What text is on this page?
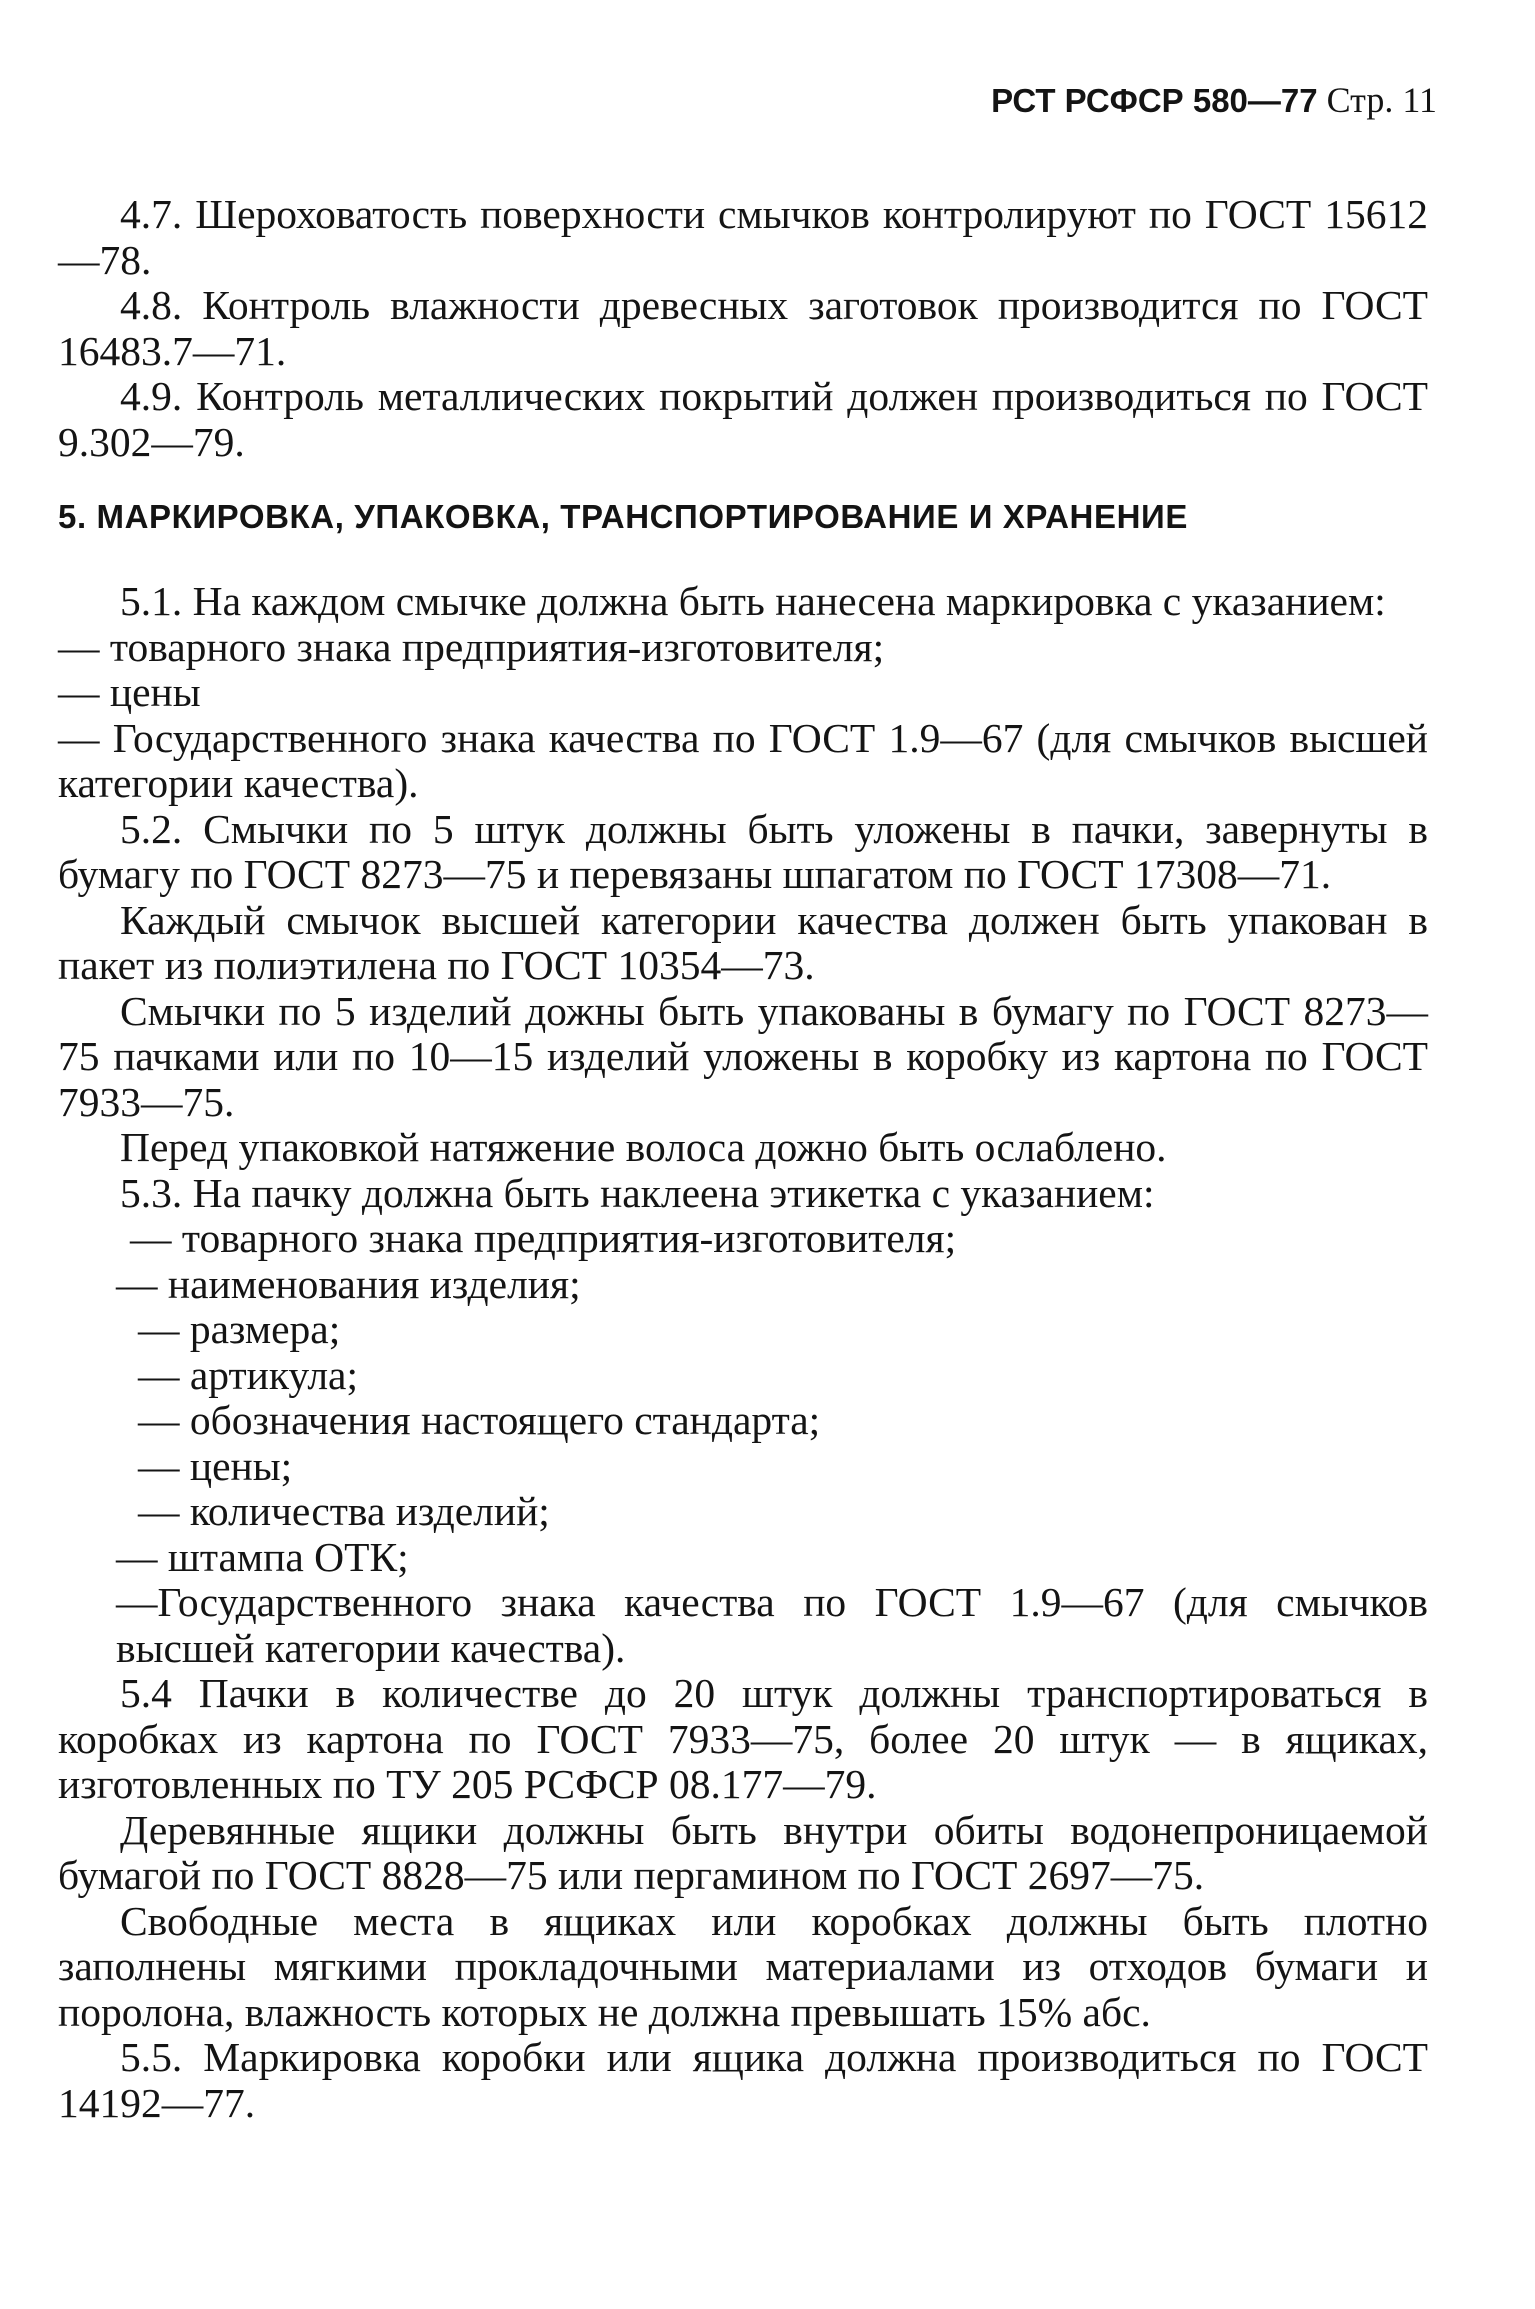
РСТ РСФСР 580—77 Стр. 11
4.7. Шероховатость поверхности смычков контролируют по ГОСТ 15612—78.
4.8. Контроль влажности древесных заготовок производится по ГОСТ 16483.7—71.
4.9. Контроль металлических покрытий должен производиться по ГОСТ 9.302—79.
5. МАРКИРОВКА, УПАКОВКА, ТРАНСПОРТИРОВАНИЕ И ХРАНЕНИЕ
5.1. На каждом смычке должна быть нанесена маркировка с указанием:
— товарного знака предприятия-изготовителя;
— цены
— Государственного знака качества по ГОСТ 1.9—67 (для смычков высшей категории качества).
5.2. Смычки по 5 штук должны быть уложены в пачки, завернуты в бумагу по ГОСТ 8273—75 и перевязаны шпагатом по ГОСТ 17308—71.
Каждый смычок высшей категории качества должен быть упакован в пакет из полиэтилена по ГОСТ 10354—73.
Смычки по 5 изделий дожны быть упакованы в бумагу по ГОСТ 8273—75 пачками или по 10—15 изделий уложены в коробку из картона по ГОСТ 7933—75.
Перед упаковкой натяжение волоса дожно быть ослаблено.
5.3. На пачку должна быть наклеена этикетка с указанием:
— товарного знака предприятия-изготовителя;
— наименования изделия;
— размера;
— артикула;
— обозначения настоящего стандарта;
— цены;
— количества изделий;
— штампа ОТК;
—Государственного знака качества по ГОСТ 1.9—67 (для смычков высшей категории качества).
5.4 Пачки в количестве до 20 штук должны транспортироваться в коробках из картона по ГОСТ 7933—75, более 20 штук — в ящиках, изготовленных по ТУ 205 РСФСР 08.177—79.
Деревянные ящики должны быть внутри обиты водонепроницаемой бумагой по ГОСТ 8828—75 или пергамином по ГОСТ 2697—75.
Свободные места в ящиках или коробках должны быть плотно заполнены мягкими прокладочными материалами из отходов бумаги и поролона, влажность которых не должна превышать 15% абс.
5.5. Маркировка коробки или ящика должна производиться по ГОСТ 14192—77.
